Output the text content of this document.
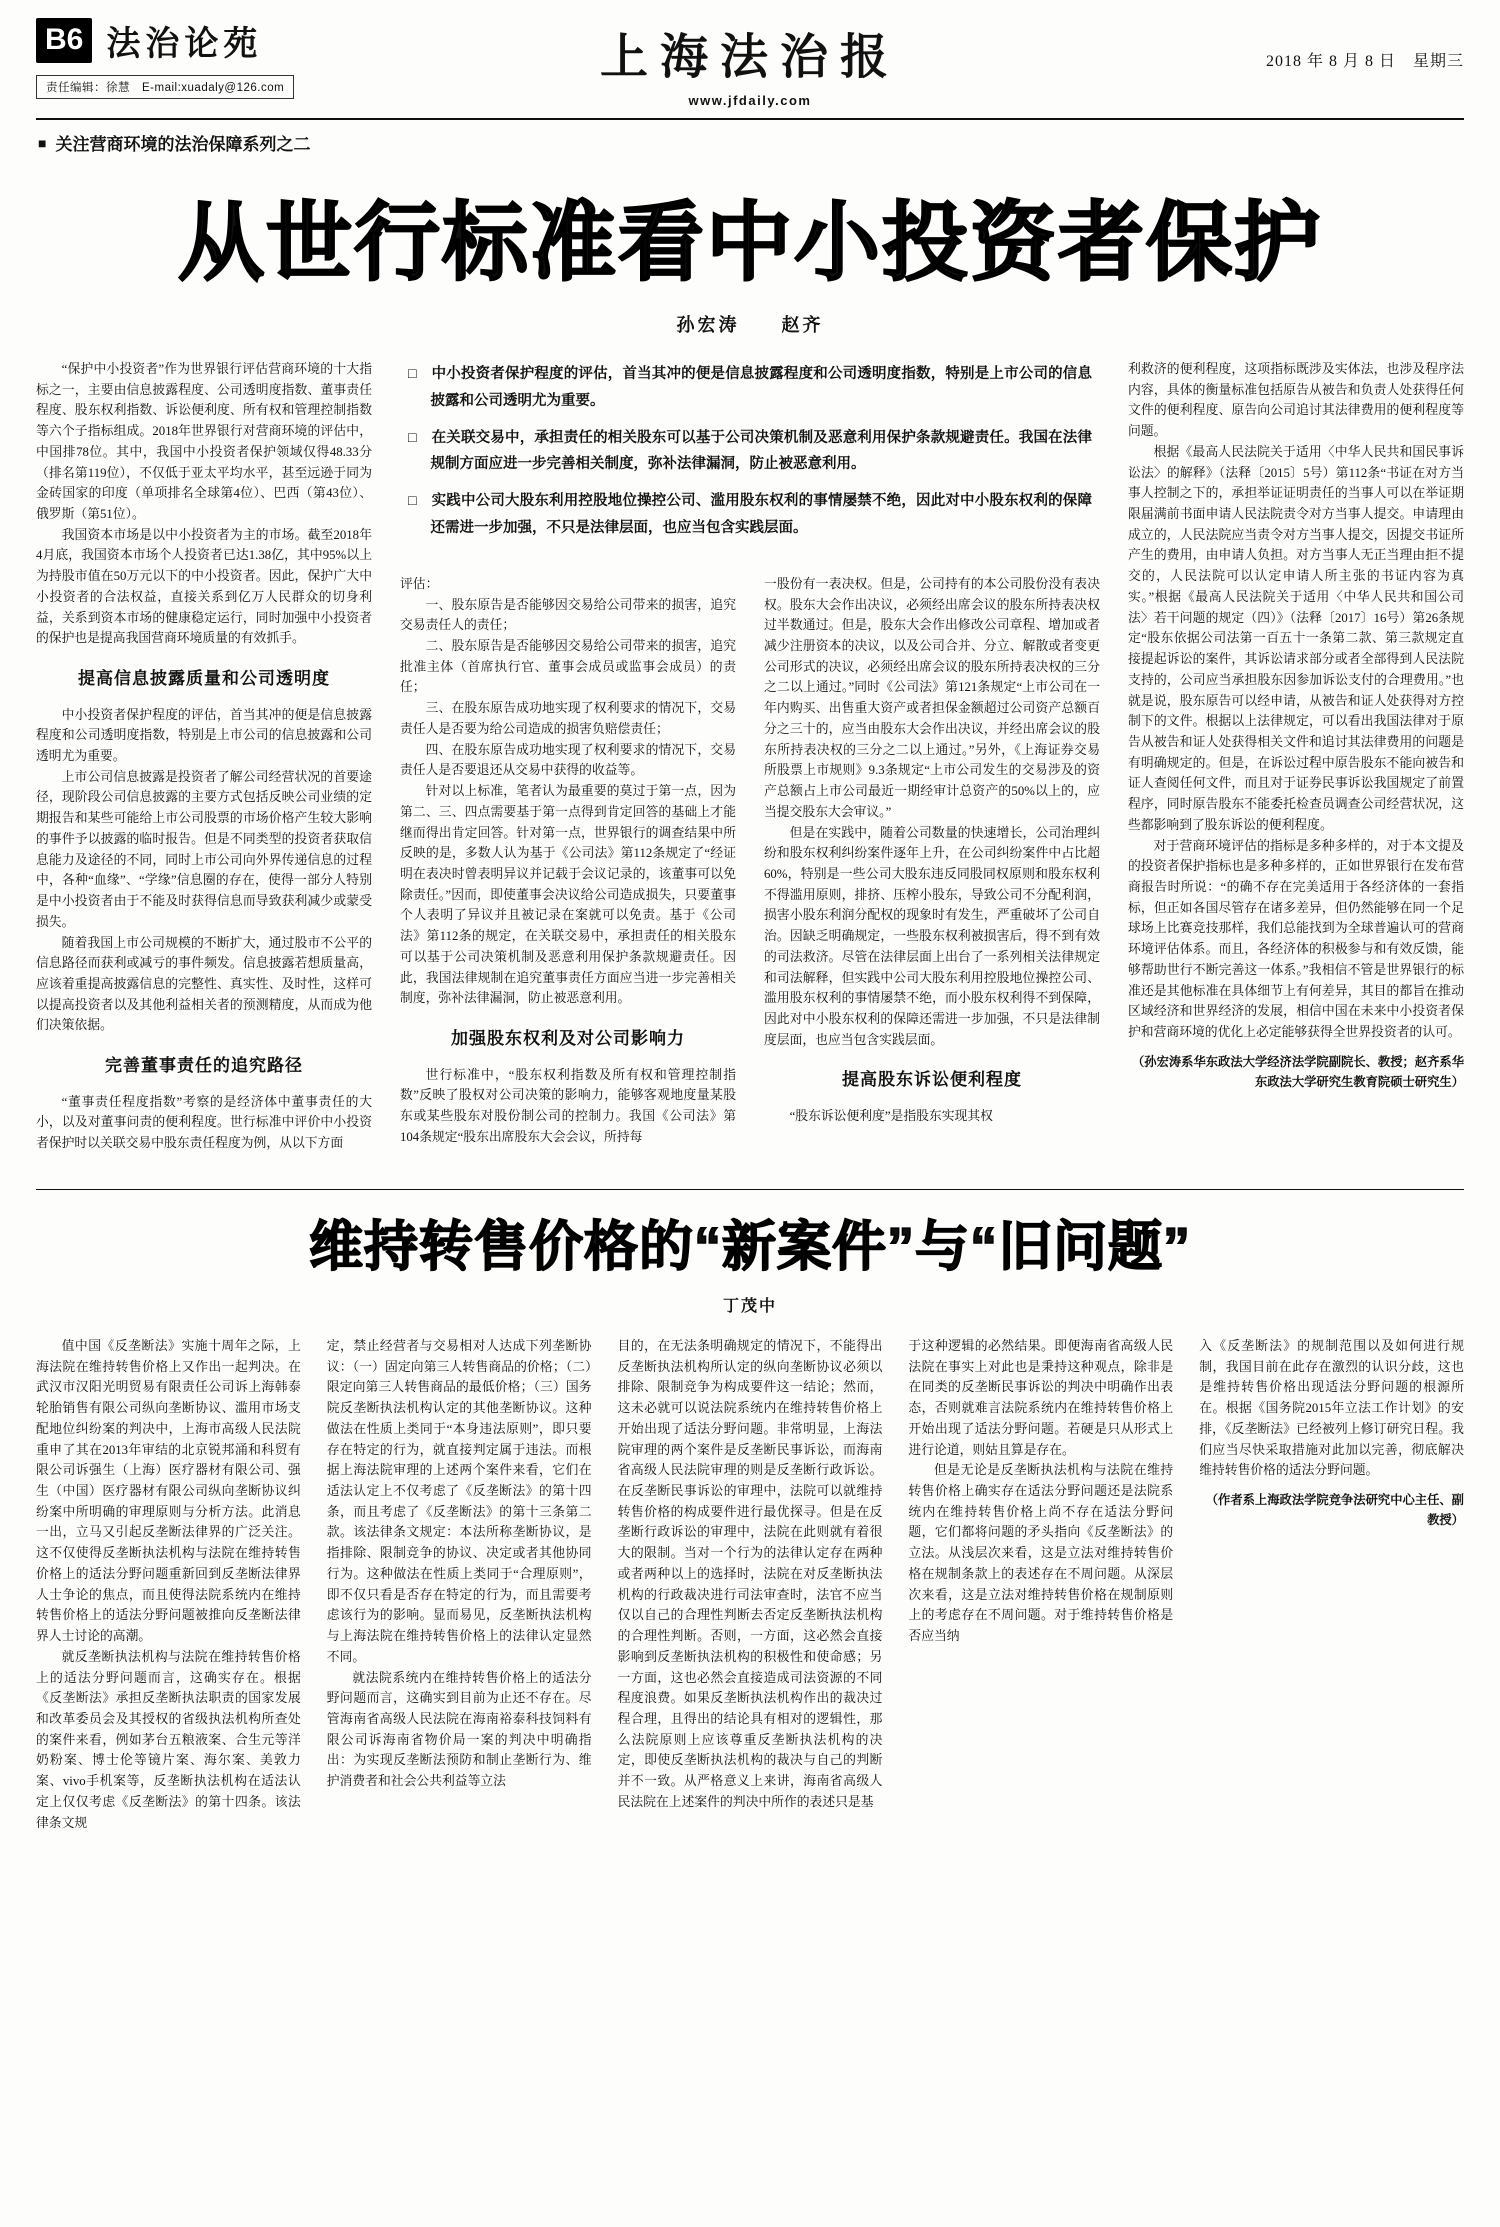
B6 法治论苑
责任编辑：徐慧　E-mail:xuadaly@126.com
上海法治报
www.jfdaily.com
2018 年 8 月 8 日　星期三
■ 关注营商环境的法治保障系列之二
从世行标准看中小投资者保护
孙宏涛　　赵齐

“保护中小投资者”作为世界银行评估营商环境的十大指标之一，主要由信息披露程度、公司透明度指数、董事责任程度、股东权利指数、诉讼便利度、所有权和管理控制指数等六个子指标组成。2018年世界银行对营商环境的评估中，中国排78位。其中，我国中小投资者保护领域仅得48.33分（排名第119位），不仅低于亚太平均水平，甚至远逊于同为金砖国家的印度（单项排名全球第4位）、巴西（第43位）、俄罗斯（第51位）。

我国资本市场是以中小投资者为主的市场。截至2018年4月底，我国资本市场个人投资者已达1.38亿，其中95%以上为持股市值在50万元以下的中小投资者。因此，保护广大中小投资者的合法权益，直接关系到亿万人民群众的切身利益，关系到资本市场的健康稳定运行，同时加强中小投资者的保护也是提高我国营商环境质量的有效抓手。

提高信息披露质量和公司透明度

中小投资者保护程度的评估，首当其冲的便是信息披露程度和公司透明度指数，特别是上市公司的信息披露和公司透明尤为重要。

上市公司信息披露是投资者了解公司经营状况的首要途径，现阶段公司信息披露的主要方式包括反映公司业绩的定期报告和某些可能给上市公司股票的市场价格产生较大影响的事件予以披露的临时报告。但是不同类型的投资者获取信息能力及途径的不同，同时上市公司向外界传递信息的过程中，各种“血缘”、“学缘”信息圈的存在，使得一部分人特别是中小投资者由于不能及时获得信息而导致获利减少或蒙受损失。

随着我国上市公司规模的不断扩大，通过股市不公平的信息路径而获利或减亏的事件频发。信息披露若想质量高，应该着重提高披露信息的完整性、真实性、及时性，这样可以提高投资者以及其他利益相关者的预测精度，从而成为他们决策依据。

完善董事责任的追究路径

“董事责任程度指数”考察的是经济体中董事责任的大小，以及对董事问责的便利程度。世行标准中评价中小投资者保护时以关联交易中股东责任程度为例，从以下方面

□　中小投资者保护程度的评估，首当其冲的便是信息披露程度和公司透明度指数，特别是上市公司的信息披露和公司透明尤为重要。

□　在关联交易中，承担责任的相关股东可以基于公司决策机制及恶意利用保护条款规避责任。我国在法律规制方面应进一步完善相关制度，弥补法律漏洞，防止被恶意利用。

□　实践中公司大股东利用控股地位操控公司、滥用股东权利的事情屡禁不绝，因此对中小股东权利的保障还需进一步加强，不只是法律层面，也应当包含实践层面。

评估：

一、股东原告是否能够因交易给公司带来的损害，追究交易责任人的责任；

二、股东原告是否能够因交易给公司带来的损害，追究批准主体（首席执行官、董事会成员或监事会成员）的责任；

三、在股东原告成功地实现了权利要求的情况下，交易责任人是否要为给公司造成的损害负赔偿责任；

四、在股东原告成功地实现了权利要求的情况下，交易责任人是否要退还从交易中获得的收益等。

针对以上标准，笔者认为最重要的莫过于第一点，因为第二、三、四点需要基于第一点得到肯定回答的基础上才能继而得出肯定回答。针对第一点，世界银行的调查结果中所反映的是，多数人认为基于《公司法》第112条规定了“经证明在表决时曾表明异议并记载于会议记录的，该董事可以免除责任。”因而，即使董事会决议给公司造成损失，只要董事个人表明了异议并且被记录在案就可以免责。基于《公司法》第112条的规定，在关联交易中，承担责任的相关股东可以基于公司决策机制及恶意利用保护条款规避责任。因此，我国法律规制在追究董事责任方面应当进一步完善相关制度，弥补法律漏洞，防止被恶意利用。

加强股东权利及对公司影响力

世行标准中，“股东权利指数及所有权和管理控制指数”反映了股权对公司决策的影响力，能够客观地度量某股东或某些股东对股份制公司的控制力。我国《公司法》第104条规定“股东出席股东大会会议，所持每

一股份有一表决权。但是，公司持有的本公司股份没有表决权。股东大会作出决议，必须经出席会议的股东所持表决权过半数通过。但是，股东大会作出修改公司章程、增加或者减少注册资本的决议，以及公司合并、分立、解散或者变更公司形式的决议，必须经出席会议的股东所持表决权的三分之二以上通过。”同时《公司法》第121条规定“上市公司在一年内购买、出售重大资产或者担保金额超过公司资产总额百分之三十的，应当由股东大会作出决议，并经出席会议的股东所持表决权的三分之二以上通过。”另外，《上海证券交易所股票上市规则》9.3条规定“上市公司发生的交易涉及的资产总额占上市公司最近一期经审计总资产的50%以上的，应当提交股东大会审议。”

但是在实践中，随着公司数量的快速增长，公司治理纠纷和股东权利纠纷案件逐年上升，在公司纠纷案件中占比超60%，特别是一些公司大股东违反同股同权原则和股东权利不得滥用原则，排挤、压榨小股东，导致公司不分配利润，损害小股东利润分配权的现象时有发生，严重破坏了公司自治。因缺乏明确规定，一些股东权利被损害后，得不到有效的司法救济。尽管在法律层面上出台了一系列相关法律规定和司法解释，但实践中公司大股东利用控股地位操控公司、滥用股东权利的事情屡禁不绝，而小股东权利得不到保障，因此对中小股东权利的保障还需进一步加强，不只是法律制度层面，也应当包含实践层面。

提高股东诉讼便利程度

“股东诉讼便利度”是指股东实现其权

利救济的便利程度，这项指标既涉及实体法，也涉及程序法内容，具体的衡量标准包括原告从被告和负责人处获得任何文件的便利程度、原告向公司追讨其法律费用的便利程度等问题。

根据《最高人民法院关于适用〈中华人民共和国民事诉讼法〉的解释》（法释〔2015〕5号）第112条“书证在对方当事人控制之下的，承担举证证明责任的当事人可以在举证期限届满前书面申请人民法院责令对方当事人提交。申请理由成立的，人民法院应当责令对方当事人提交，因提交书证所产生的费用，由申请人负担。对方当事人无正当理由拒不提交的，人民法院可以认定申请人所主张的书证内容为真实。”根据《最高人民法院关于适用〈中华人民共和国公司法〉若干问题的规定（四）》（法释〔2017〕16号）第26条规定“股东依据公司法第一百五十一条第二款、第三款规定直接提起诉讼的案件，其诉讼请求部分或者全部得到人民法院支持的，公司应当承担股东因参加诉讼支付的合理费用。”也就是说，股东原告可以经申请，从被告和证人处获得对方控制下的文件。根据以上法律规定，可以看出我国法律对于原告从被告和证人处获得相关文件和追讨其法律费用的问题是有明确规定的。但是，在诉讼过程中原告股东不能向被告和证人查阅任何文件，而且对于证券民事诉讼我国规定了前置程序，同时原告股东不能委托检查员调查公司经营状况，这些都影响到了股东诉讼的便利程度。

对于营商环境评估的指标是多种多样的，对于本文提及的投资者保护指标也是多种多样的，正如世界银行在发布营商报告时所说：“的确不存在完美适用于各经济体的一套指标，但正如各国尽管存在诸多差异，但仍然能够在同一个足球场上比赛竞技那样，我们总能找到为全球普遍认可的营商环境评估体系。而且，各经济体的积极参与和有效反馈，能够帮助世行不断完善这一体系。”我相信不管是世界银行的标准还是其他标准在具体细节上有何差异，其目的都旨在推动区域经济和世界经济的发展，相信中国在未来中小投资者保护和营商环境的优化上必定能够获得全世界投资者的认可。

（孙宏涛系华东政法大学经济法学院副院长、教授；赵齐系华东政法大学研究生教育院硕士研究生）

维持转售价格的“新案件”与“旧问题”
丁茂中

值中国《反垄断法》实施十周年之际，上海法院在维持转售价格上又作出一起判决。在武汉市汉阳光明贸易有限责任公司诉上海韩泰轮胎销售有限公司纵向垄断协议、滥用市场支配地位纠纷案的判决中，上海市高级人民法院重申了其在2013年审结的北京锐邦涌和科贸有限公司诉强生（上海）医疗器材有限公司、强生（中国）医疗器材有限公司纵向垄断协议纠纷案中所明确的审理原则与分析方法。此消息一出，立马又引起反垄断法律界的广泛关注。这不仅使得反垄断执法机构与法院在维持转售价格上的适法分野问题重新回到反垄断法律界人士争论的焦点，而且使得法院系统内在维持转售价格上的适法分野问题被推向反垄断法律界人士讨论的高潮。

就反垄断执法机构与法院在维持转售价格上的适法分野问题而言，这确实存在。根据《反垄断法》承担反垄断执法职责的国家发展和改革委员会及其授权的省级执法机构所查处的案件来看，例如茅台五粮液案、合生元等洋奶粉案、博士伦等镜片案、海尔案、美敦力案、vivo手机案等，反垄断执法机构在适法认定上仅仅考虑《反垄断法》的第十四条。该法律条文规

定，禁止经营者与交易相对人达成下列垄断协议：（一）固定向第三人转售商品的价格；（二）限定向第三人转售商品的最低价格；（三）国务院反垄断执法机构认定的其他垄断协议。这种做法在性质上类同于“本身违法原则”，即只要存在特定的行为，就直接判定属于违法。而根据上海法院审理的上述两个案件来看，它们在适法认定上不仅考虑了《反垄断法》的第十四条，而且考虑了《反垄断法》的第十三条第二款。该法律条文规定：本法所称垄断协议，是指排除、限制竞争的协议、决定或者其他协同行为。这种做法在性质上类同于“合理原则”，即不仅只看是否存在特定的行为，而且需要考虑该行为的影响。显而易见，反垄断执法机构与上海法院在维持转售价格上的法律认定显然不同。

就法院系统内在维持转售价格上的适法分野问题而言，这确实到目前为止还不存在。尽管海南省高级人民法院在海南裕泰科技饲料有限公司诉海南省物价局一案的判决中明确指出：为实现反垄断法预防和制止垄断行为、维护消费者和社会公共利益等立法

目的，在无法条明确规定的情况下，不能得出反垄断执法机构所认定的纵向垄断协议必须以排除、限制竞争为构成要件这一结论；然而，这未必就可以说法院系统内在维持转售价格上开始出现了适法分野问题。非常明显，上海法院审理的两个案件是反垄断民事诉讼，而海南省高级人民法院审理的则是反垄断行政诉讼。在反垄断民事诉讼的审理中，法院可以就维持转售价格的构成要件进行最优探寻。但是在反垄断行政诉讼的审理中，法院在此则就有着很大的限制。当对一个行为的法律认定存在两种或者两种以上的选择时，法院在对反垄断执法机构的行政裁决进行司法审查时，法官不应当仅以自己的合理性判断去否定反垄断执法机构的合理性判断。否则，一方面，这必然会直接影响到反垄断执法机构的积极性和使命感；另一方面，这也必然会直接造成司法资源的不同程度浪费。如果反垄断执法机构作出的裁决过程合理，且得出的结论具有相对的逻辑性，那么法院原则上应该尊重反垄断执法机构的决定，即使反垄断执法机构的裁决与自己的判断并不一致。从严格意义上来讲，海南省高级人民法院在上述案件的判决中所作的表述只是基

于这种逻辑的必然结果。即便海南省高级人民法院在事实上对此也是秉持这种观点，除非是在同类的反垄断民事诉讼的判决中明确作出表态，否则就难言法院系统内在维持转售价格上开始出现了适法分野问题。若硬是只从形式上进行论道，则姑且算是存在。

但是无论是反垄断执法机构与法院在维持转售价格上确实存在适法分野问题还是法院系统内在维持转售价格上尚不存在适法分野问题，它们都将问题的矛头指向《反垄断法》的立法。从浅层次来看，这是立法对维持转售价格在规制条款上的表述存在不周问题。从深层次来看，这是立法对维持转售价格在规制原则上的考虑存在不周问题。对于维持转售价格是否应当纳

入《反垄断法》的规制范围以及如何进行规制，我国目前在此存在激烈的认识分歧，这也是维持转售价格出现适法分野问题的根源所在。根据《国务院2015年立法工作计划》的安排，《反垄断法》已经被列上修订研究日程。我们应当尽快采取措施对此加以完善，彻底解决维持转售价格的适法分野问题。

（作者系上海政法学院竞争法研究中心主任、副教授）
